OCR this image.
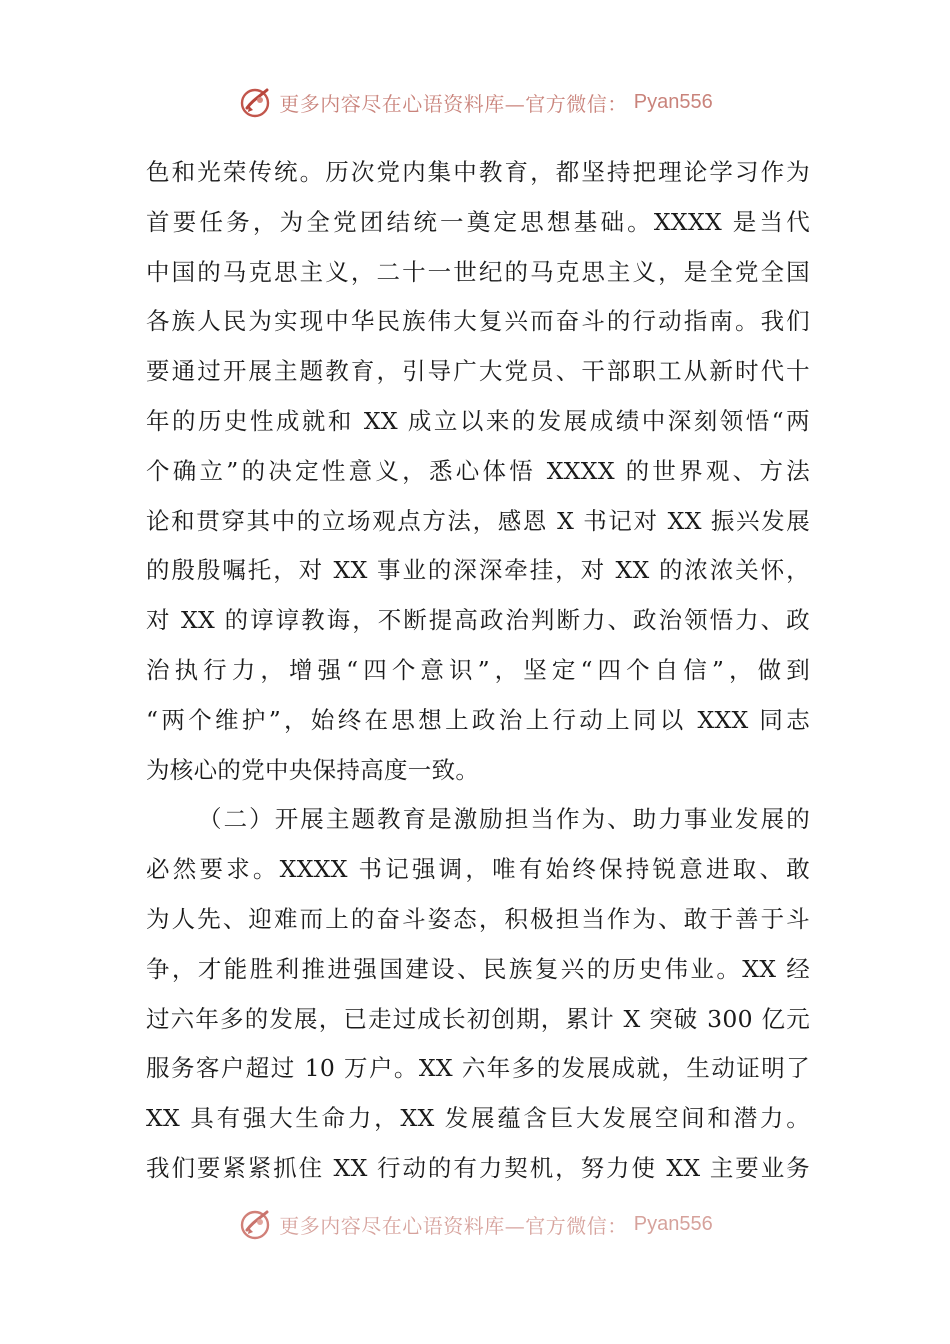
更多内容尽在心语资料库—官方微信： Pyan556
色和光荣传统。历次党内集中教育，都坚持把理论学习作为
首要任务，为全党团结统一奠定思想基础。XXXX 是当代
中国的马克思主义，二十一世纪的马克思主义，是全党全国
各族人民为实现中华民族伟大复兴而奋斗的行动指南。我们
要通过开展主题教育，引导广大党员、干部职工从新时代十
年的历史性成就和 XX 成立以来的发展成绩中深刻领悟“两
个确立”的决定性意义，悉心体悟 XXXX 的世界观、方法
论和贯穿其中的立场观点方法，感恩 X 书记对 XX 振兴发展
的殷殷嘱托，对 XX 事业的深深牵挂，对 XX 的浓浓关怀，
对 XX 的谆谆教诲，不断提高政治判断力、政治领悟力、政
治执行力，增强“四个意识”，坚定“四个自信”，做到
“两个维护”，始终在思想上政治上行动上同以 XXX 同志
为核心的党中央保持高度一致。
（二）开展主题教育是激励担当作为、助力事业发展的
必然要求。XXXX 书记强调，唯有始终保持锐意进取、敢
为人先、迎难而上的奋斗姿态，积极担当作为、敢于善于斗
争，才能胜利推进强国建设、民族复兴的历史伟业。XX 经
过六年多的发展，已走过成长初创期，累计 X 突破 300 亿元
服务客户超过 10 万户。XX 六年多的发展成就，生动证明了
XX 具有强大生命力，XX 发展蕴含巨大发展空间和潜力。
我们要紧紧抓住 XX 行动的有力契机，努力使 XX 主要业务
更多内容尽在心语资料库—官方微信： Pyan556
